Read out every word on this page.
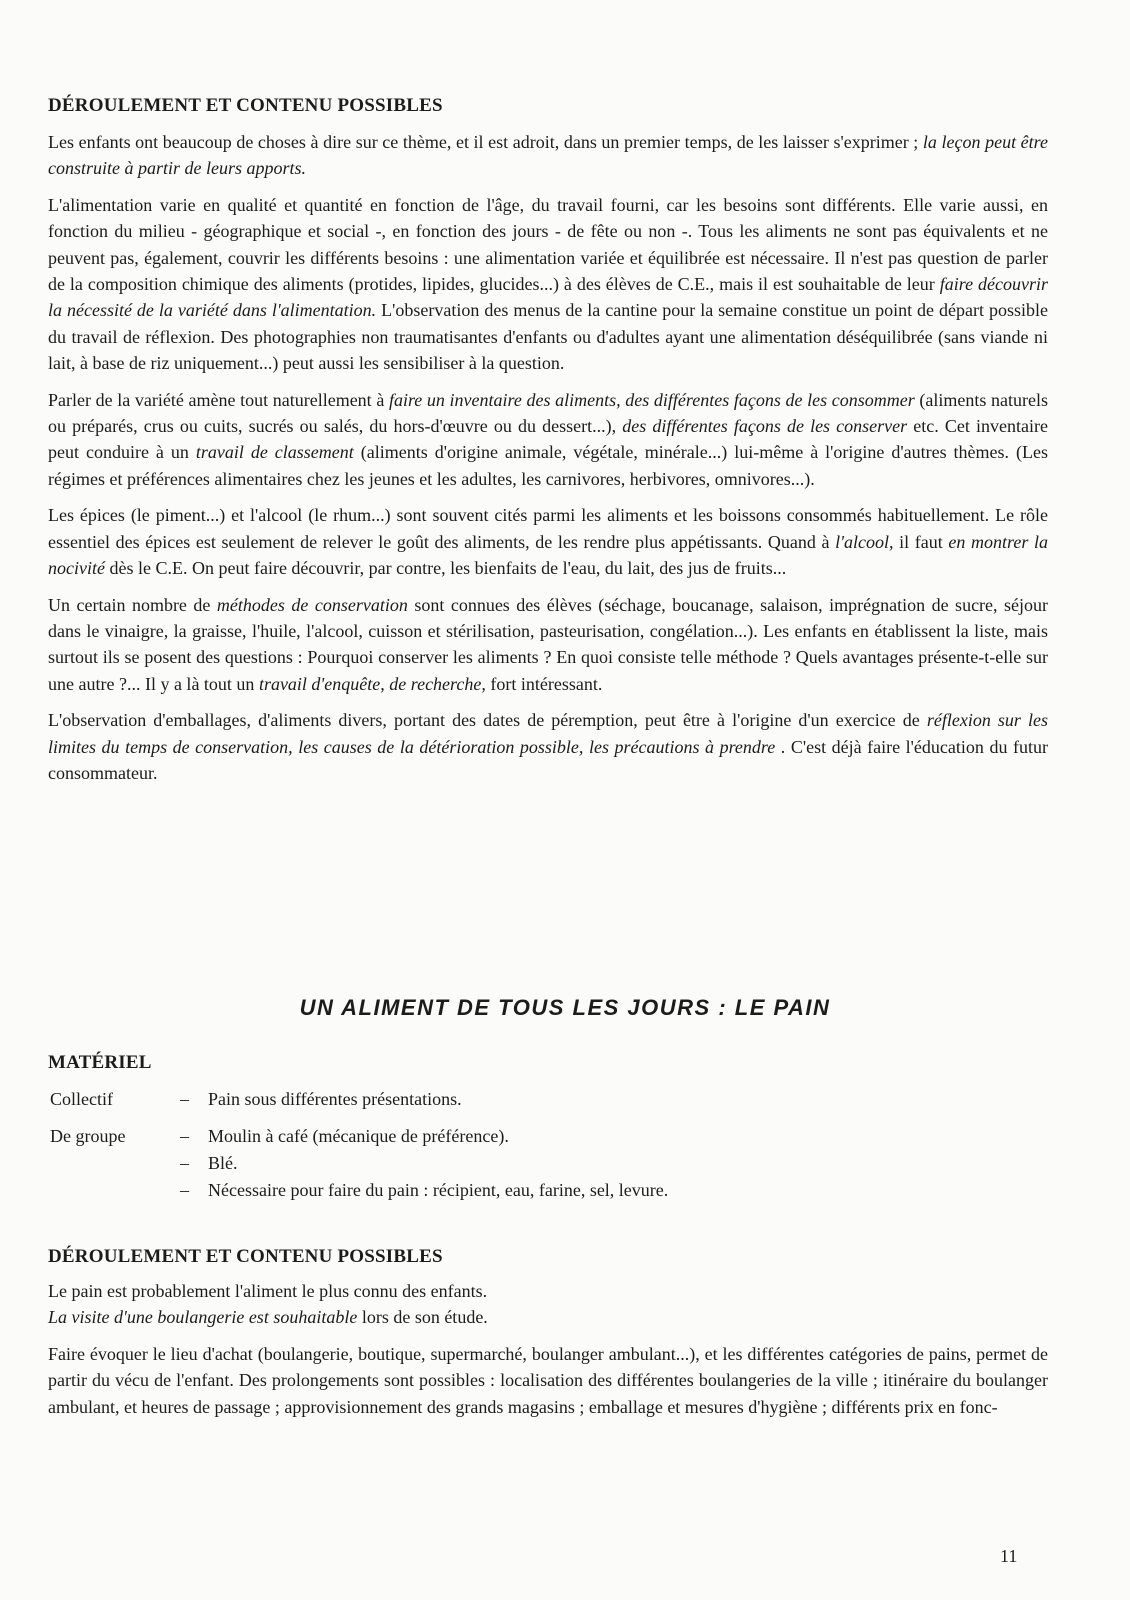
DÉROULEMENT ET CONTENU POSSIBLES

Les enfants ont beaucoup de choses à dire sur ce thème, et il est adroit, dans un premier temps, de les laisser s'exprimer ; la leçon peut être construite à partir de leurs apports.

L'alimentation varie en qualité et quantité en fonction de l'âge, du travail fourni, car les besoins sont différents. Elle varie aussi, en fonction du milieu - géographique et social -, en fonction des jours - de fête ou non -. Tous les aliments ne sont pas équivalents et ne peuvent pas, également, couvrir les différents besoins : une alimentation variée et équilibrée est nécessaire. Il n'est pas question de parler de la composition chimique des aliments (protides, lipides, glucides...) à des élèves de C.E., mais il est souhaitable de leur faire découvrir la nécessité de la variété dans l'alimentation. L'observation des menus de la cantine pour la semaine constitue un point de départ possible du travail de réflexion. Des photographies non traumatisantes d'enfants ou d'adultes ayant une alimentation déséquilibrée (sans viande ni lait, à base de riz uniquement...) peut aussi les sensibiliser à la question.

Parler de la variété amène tout naturellement à faire un inventaire des aliments, des différentes façons de les consommer (aliments naturels ou préparés, crus ou cuits, sucrés ou salés, du hors-d'œuvre ou du dessert...), des différentes façons de les conserver etc. Cet inventaire peut conduire à un travail de classement (aliments d'origine animale, végétale, minérale...) lui-même à l'origine d'autres thèmes. (Les régimes et préférences alimentaires chez les jeunes et les adultes, les carnivores, herbivores, omnivores...).

Les épices (le piment...) et l'alcool (le rhum...) sont souvent cités parmi les aliments et les boissons consommés habituellement. Le rôle essentiel des épices est seulement de relever le goût des aliments, de les rendre plus appétissants. Quand à l'alcool, il faut en montrer la nocivité dès le C.E. On peut faire découvrir, par contre, les bienfaits de l'eau, du lait, des jus de fruits...

Un certain nombre de méthodes de conservation sont connues des élèves (séchage, boucanage, salaison, imprégnation de sucre, séjour dans le vinaigre, la graisse, l'huile, l'alcool, cuisson et stérilisation, pasteurisation, congélation...). Les enfants en établissent la liste, mais surtout ils se posent des questions : Pourquoi conserver les aliments ? En quoi consiste telle méthode ? Quels avantages présente-t-elle sur une autre ?... Il y a là tout un travail d'enquête, de recherche, fort intéressant.

L'observation d'emballages, d'aliments divers, portant des dates de péremption, peut être à l'origine d'un exercice de réflexion sur les limites du temps de conservation, les causes de la détérioration possible, les précautions à prendre . C'est déjà faire l'éducation du futur consommateur.

UN ALIMENT DE TOUS LES JOURS : LE PAIN
MATÉRIEL
Collectif	– Pain sous différentes présentations.
De groupe	– Moulin à café (mécanique de préférence).
– Blé.
– Nécessaire pour faire du pain : récipient, eau, farine, sel, levure.
DÉROULEMENT ET CONTENU POSSIBLES

Le pain est probablement l'aliment le plus connu des enfants.

La visite d'une boulangerie est souhaitable lors de son étude.

Faire évoquer le lieu d'achat (boulangerie, boutique, supermarché, boulanger ambulant...), et les différentes catégories de pains, permet de partir du vécu de l'enfant. Des prolongements sont possibles : localisation des différentes boulangeries de la ville ; itinéraire du boulanger ambulant, et heures de passage ; approvisionnement des grands magasins ; emballage et mesures d'hygiène ; différents prix en fonc-

11
